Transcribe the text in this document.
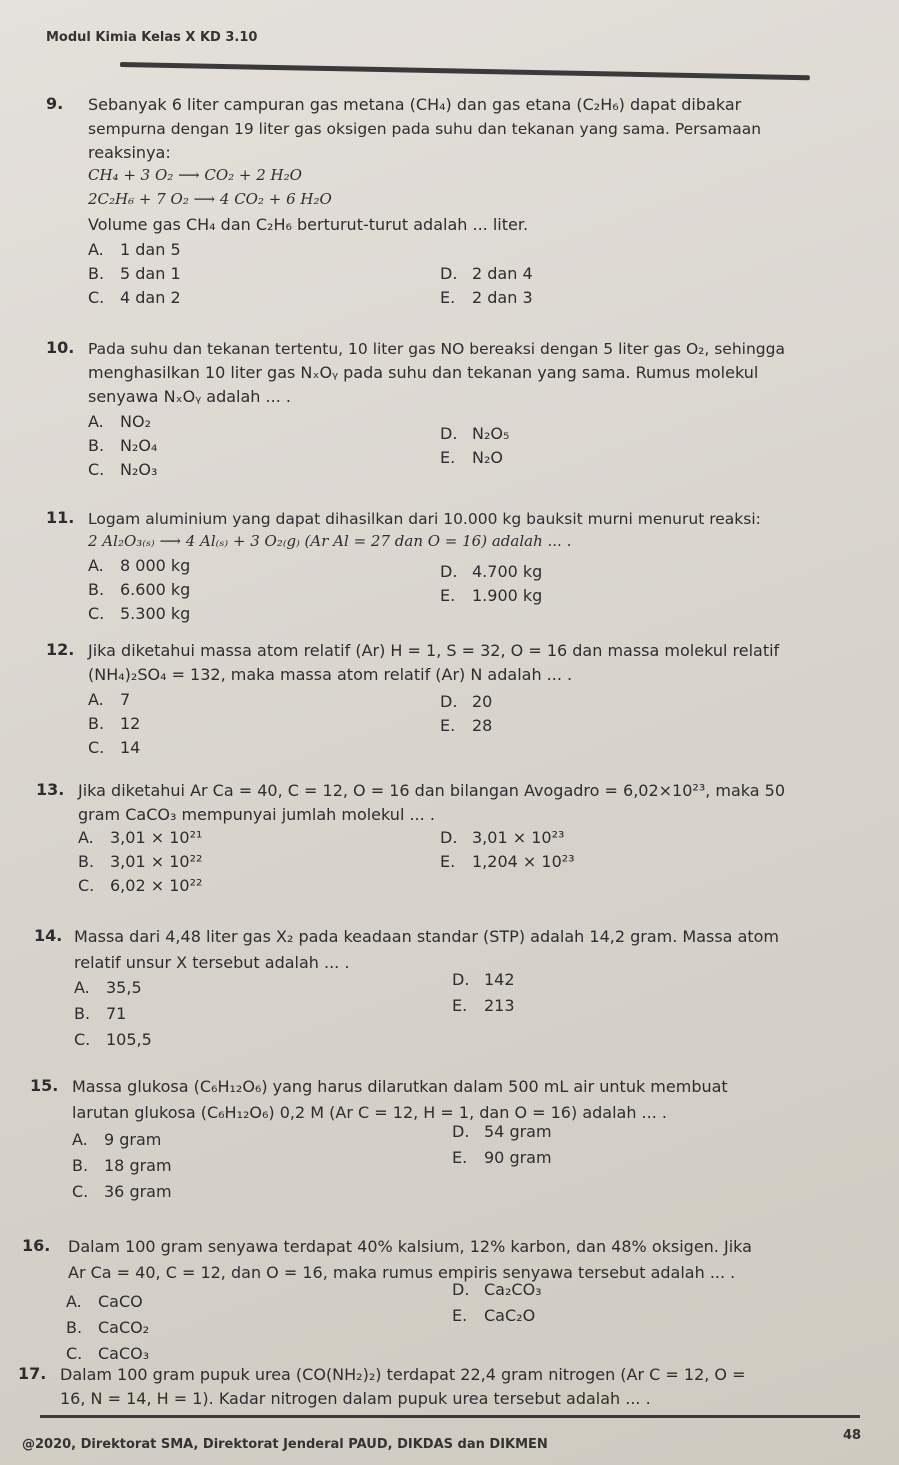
Modul Kimia Kelas X KD 3.10
9. Sebanyak 6 liter campuran gas metana (CH₄) dan gas etana (C₂H₆) dapat dibakar
sempurna dengan 19 liter gas oksigen pada suhu dan tekanan yang sama. Persamaan
reaksinya:
CH₄ + 3 O₂ ⟶ CO₂ + 2 H₂O
2C₂H₆ + 7 O₂ ⟶ 4 CO₂ + 6 H₂O
Volume gas CH₄ dan C₂H₆ berturut-turut adalah ... liter.
A. 1 dan 5
B. 5 dan 1
C. 4 dan 2
D. 2 dan 4
E. 2 dan 3
10. Pada suhu dan tekanan tertentu, 10 liter gas NO bereaksi dengan 5 liter gas O₂, sehingga
menghasilkan 10 liter gas NₓOᵧ pada suhu dan tekanan yang sama. Rumus molekul
senyawa NₓOᵧ adalah ... .
A. NO₂
B. N₂O₄
C. N₂O₃
D. N₂O₅
E. N₂O
11. Logam aluminium yang dapat dihasilkan dari 10.000 kg bauksit murni menurut reaksi:
2 Al₂O₃₍ₛ₎ ⟶ 4 Al₍ₛ₎ + 3 O₂₍g₎ (Ar Al = 27 dan O = 16) adalah ... .
A. 8 000 kg
B. 6.600 kg
C. 5.300 kg
D. 4.700 kg
E. 1.900 kg
12. Jika diketahui massa atom relatif (Ar) H = 1, S = 32, O = 16 dan massa molekul relatif
(NH₄)₂SO₄ = 132, maka massa atom relatif (Ar) N adalah ... .
A. 7
B. 12
C. 14
D. 20
E. 28
13. Jika diketahui Ar Ca = 40, C = 12, O = 16 dan bilangan Avogadro = 6,02×10²³, maka 50
gram CaCO₃ mempunyai jumlah molekul ... .
A. 3,01 × 10²¹
B. 3,01 × 10²²
C. 6,02 × 10²²
D. 3,01 × 10²³
E. 1,204 × 10²³
14. Massa dari 4,48 liter gas X₂ pada keadaan standar (STP) adalah 14,2 gram. Massa atom
relatif unsur X tersebut adalah ... .
A. 35,5
B. 71
C. 105,5
D. 142
E. 213
15. Massa glukosa (C₆H₁₂O₆) yang harus dilarutkan dalam 500 mL air untuk membuat
larutan glukosa (C₆H₁₂O₆) 0,2 M (Ar C = 12, H = 1, dan O = 16) adalah ... .
A. 9 gram
B. 18 gram
C. 36 gram
D. 54 gram
E. 90 gram
16. Dalam 100 gram senyawa terdapat 40% kalsium, 12% karbon, dan 48% oksigen. Jika
Ar Ca = 40, C = 12, dan O = 16, maka rumus empiris senyawa tersebut adalah ... .
A. CaCO
B. CaCO₂
C. CaCO₃
D. Ca₂CO₃
E. CaC₂O
17. Dalam 100 gram pupuk urea (CO(NH₂)₂) terdapat 22,4 gram nitrogen (Ar C = 12, O =
16, N = 14, H = 1). Kadar nitrogen dalam pupuk urea tersebut adalah ... .
@2020, Direktorat SMA, Direktorat Jenderal PAUD, DIKDAS dan DIKMEN
48
